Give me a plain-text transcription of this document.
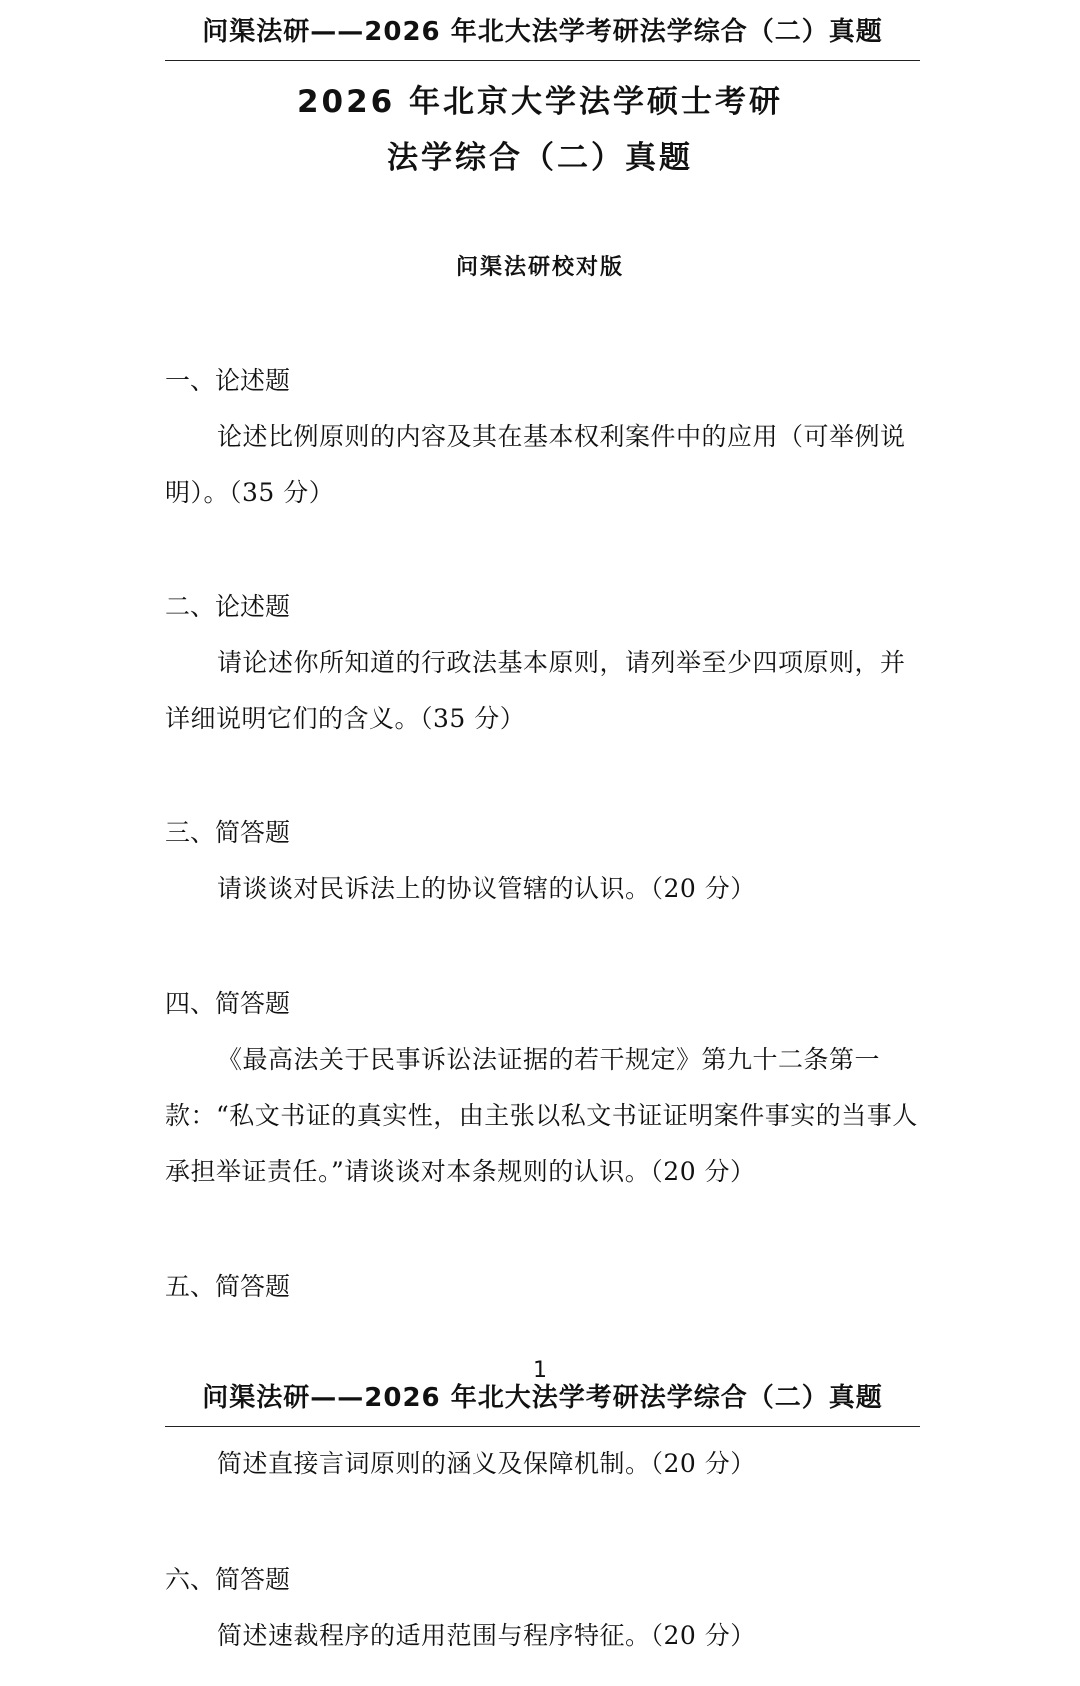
问渠法研——2026 年北大法学考研法学综合（二）真题
2026 年北京大学法学硕士考研
法学综合（二）真题
问渠法研校对版
一、论述题
论述比例原则的内容及其在基本权利案件中的应用（可举例说明）。（35 分）
二、论述题
请论述你所知道的行政法基本原则，请列举至少四项原则，并详细说明它们的含义。（35 分）
三、简答题
请谈谈对民诉法上的协议管辖的认识。（20 分）
四、简答题
《最高法关于民事诉讼法证据的若干规定》第九十二条第一款：“私文书证的真实性，由主张以私文书证证明案件事实的当事人承担举证责任。”请谈谈对本条规则的认识。（20 分）
五、简答题
1
问渠法研——2026 年北大法学考研法学综合（二）真题
简述直接言词原则的涵义及保障机制。（20 分）
六、简答题
简述速裁程序的适用范围与程序特征。（20 分）
